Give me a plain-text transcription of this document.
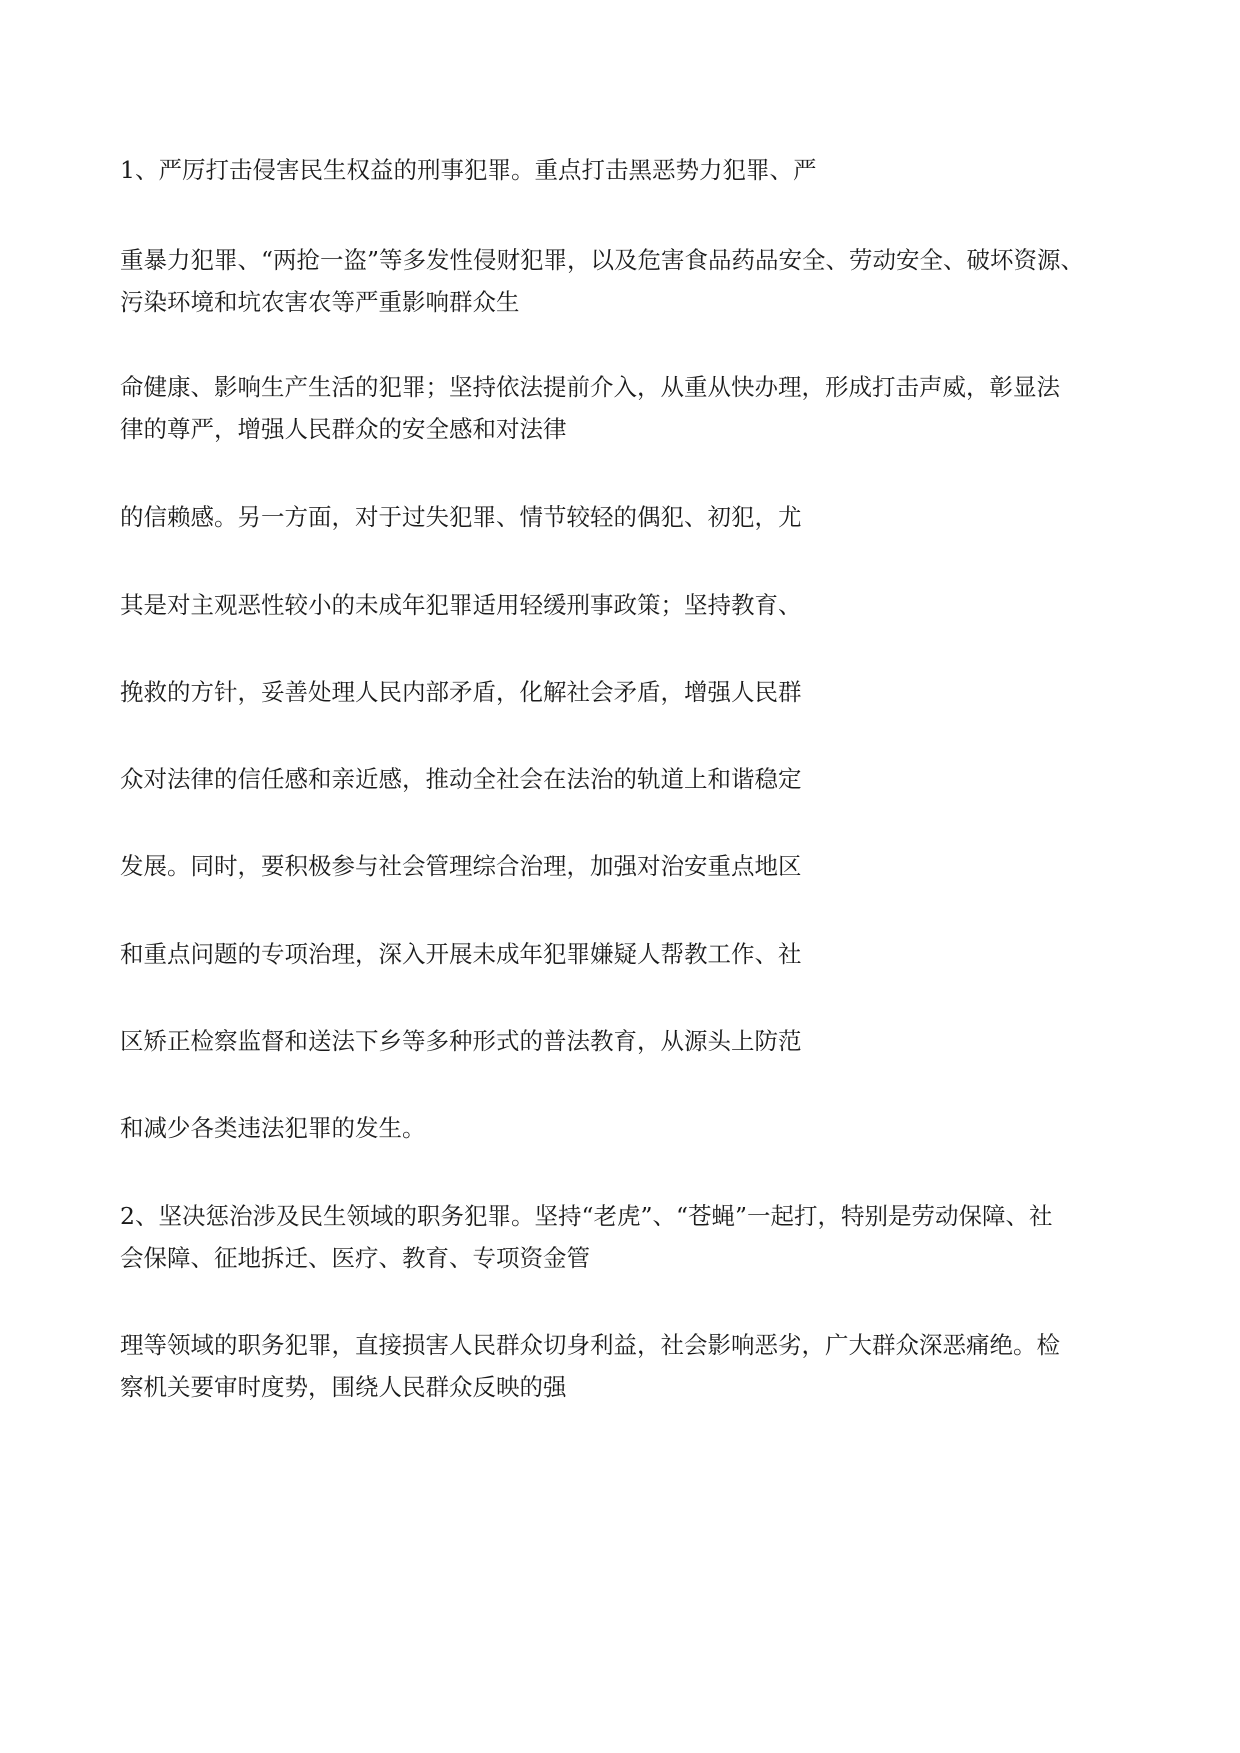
1、严厉打击侵害民生权益的刑事犯罪。重点打击黑恶势力犯罪、严

重暴力犯罪、“两抢一盗”等多发性侵财犯罪，以及危害食品药品安全、劳动安全、破坏资源、

污染环境和坑农害农等严重影响群众生

命健康、影响生产生活的犯罪；坚持依法提前介入，从重从快办理，形成打击声威，彰显法

律的尊严，增强人民群众的安全感和对法律

的信赖感。另一方面，对于过失犯罪、情节较轻的偶犯、初犯，尤

其是对主观恶性较小的未成年犯罪适用轻缓刑事政策；坚持教育、

挽救的方针，妥善处理人民内部矛盾，化解社会矛盾，增强人民群

众对法律的信任感和亲近感，推动全社会在法治的轨道上和谐稳定

发展。同时，要积极参与社会管理综合治理，加强对治安重点地区

和重点问题的专项治理，深入开展未成年犯罪嫌疑人帮教工作、社

区矫正检察监督和送法下乡等多种形式的普法教育，从源头上防范

和减少各类违法犯罪的发生。

2、坚决惩治涉及民生领域的职务犯罪。坚持“老虎”、“苍蝇”一起打，特别是劳动保障、社

会保障、征地拆迁、医疗、教育、专项资金管

理等领域的职务犯罪，直接损害人民群众切身利益，社会影响恶劣，广大群众深恶痛绝。检

察机关要审时度势，围绕人民群众反映的强
